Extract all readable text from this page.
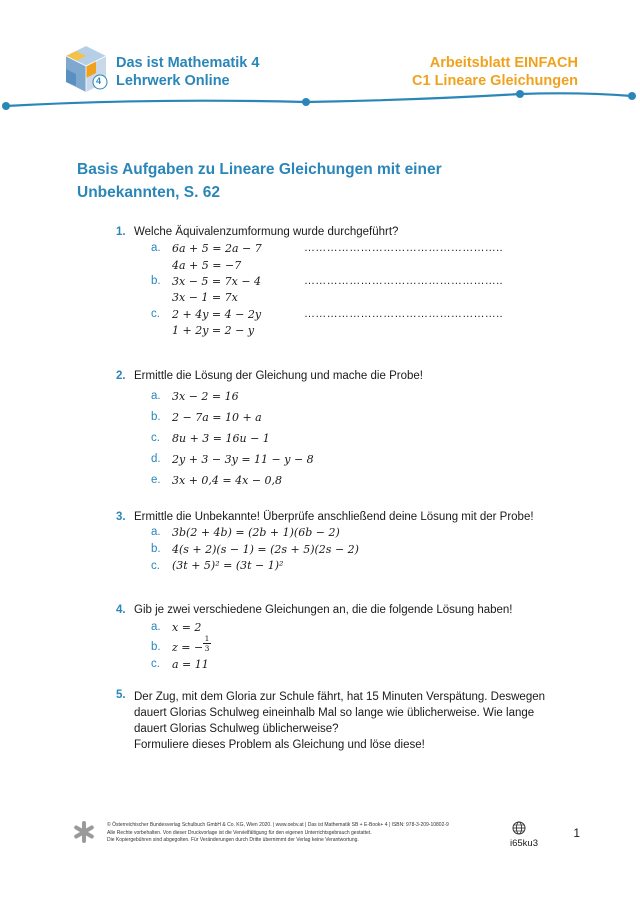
4
Das ist Mathematik 4
Lehrwerk Online
Arbeitsblatt EINFACH
C1 Lineare Gleichungen
Basis Aufgaben zu Lineare Gleichungen mit einer Unbekannten, S. 62
1. Welche Äquivalenzumformung wurde durchgeführt?
a. 6a + 5 = 2a − 7
4a + 5 = −7
……………………………………………..
b. 3x − 5 = 7x − 4
3x − 1 = 7x
……………………………………………..
c. 2 + 4y = 4 − 2y
1 + 2y = 2 − y
……………………………………………..
2. Ermittle die Lösung der Gleichung und mache die Probe!
a. 3x − 2 = 16
b. 2 − 7a = 10 + a
c. 8u + 3 = 16u − 1
d. 2y + 3 − 3y = 11 − y − 8
e. 3x + 0,4 = 4x − 0,8
3. Ermittle die Unbekannte! Überprüfe anschließend deine Lösung mit der Probe!
a. 3b(2 + 4b) = (2b + 1)(6b − 2)
b. 4(s + 2)(s − 1) = (2s + 5)(2s − 2)
c. (3t + 5)² = (3t − 1)²
4. Gib je zwei verschiedene Gleichungen an, die die folgende Lösung haben!
a. x = 2
b. z = − $\frac{1}{3}$
c. a = 11
5. Der Zug, mit dem Gloria zur Schule fährt, hat 15 Minuten Verspätung. Deswegen
dauert Glorias Schulweg eineinhalb Mal so lange wie üblicherweise. Wie lange
dauert Glorias Schulweg üblicherweise?
Formuliere dieses Problem als Gleichung und löse diese!
© Österreichischer Bundesverlag Schulbuch GmbH & Co. KG, Wien 2020. | www.oebv.at | Das ist Mathematik SB + E-Book+ 4 | ISBN: 978-3-209-10802-9
Alle Rechte vorbehalten. Von dieser Druckvorlage ist die Vervielfältigung für den eigenen Unterrichtsgebrauch gestattet.
Die Kopiergebühren sind abgegolten. Für Veränderungen durch Dritte übernimmt der Verlag keine Verantwortung.	i65ku3
1
